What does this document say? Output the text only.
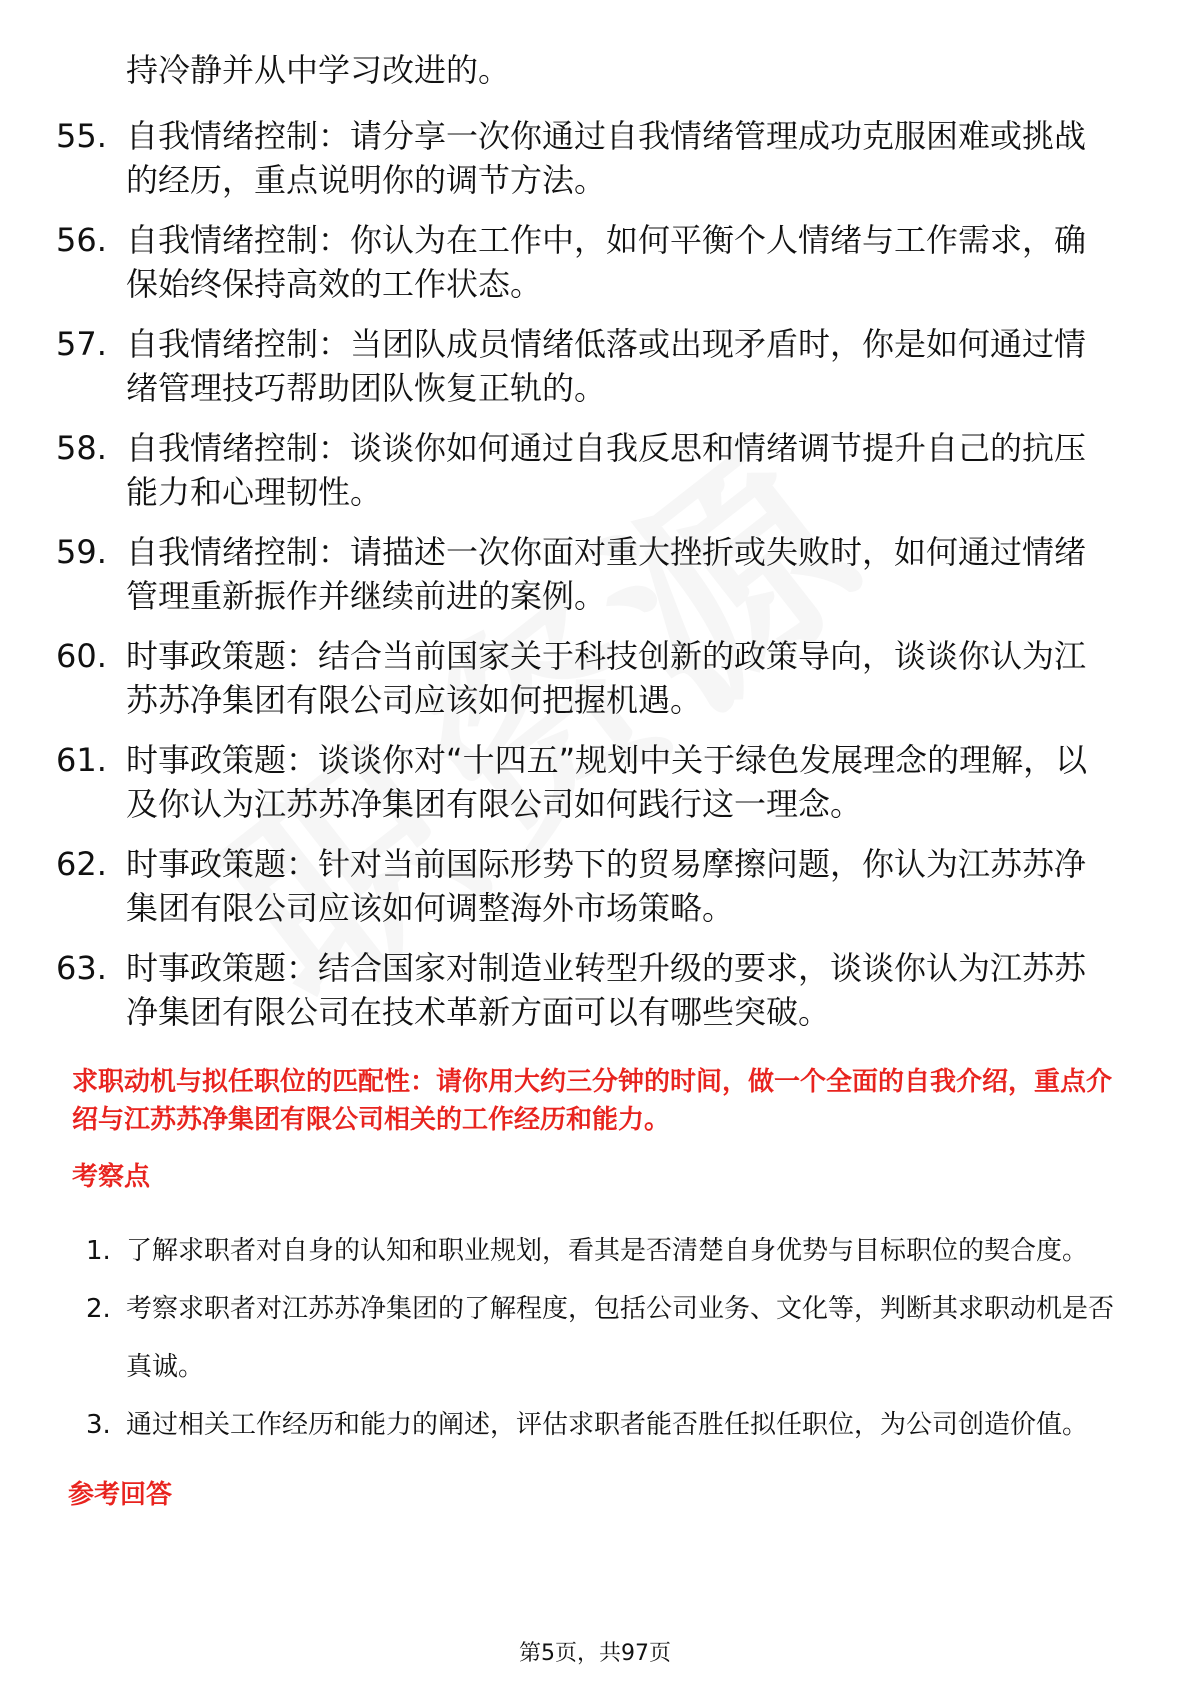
持冷静并从中学习改进的。
55. 自我情绪控制：请分享一次你通过自我情绪管理成功克服困难或挑战的经历，重点说明你的调节方法。
56. 自我情绪控制：你认为在工作中，如何平衡个人情绪与工作需求，确保始终保持高效的工作状态。
57. 自我情绪控制：当团队成员情绪低落或出现矛盾时，你是如何通过情绪管理技巧帮助团队恢复正轨的。
58. 自我情绪控制：谈谈你如何通过自我反思和情绪调节提升自己的抗压能力和心理韧性。
59. 自我情绪控制：请描述一次你面对重大挫折或失败时，如何通过情绪管理重新振作并继续前进的案例。
60. 时事政策题：结合当前国家关于科技创新的政策导向，谈谈你认为江苏苏净集团有限公司应该如何把握机遇。
61. 时事政策题：谈谈你对“十四五”规划中关于绿色发展理念的理解，以及你认为江苏苏净集团有限公司如何践行这一理念。
62. 时事政策题：针对当前国际形势下的贸易摩擦问题，你认为江苏苏净集团有限公司应该如何调整海外市场策略。
63. 时事政策题：结合国家对制造业转型升级的要求，谈谈你认为江苏苏净集团有限公司在技术革新方面可以有哪些突破。

求职动机与拟任职位的匹配性：请你用大约三分钟的时间，做一个全面的自我介绍，重点介绍与江苏苏净集团有限公司相关的工作经历和能力。

考察点

1. 了解求职者对自身的认知和职业规划，看其是否清楚自身优势与目标职位的契合度。
2. 考察求职者对江苏苏净集团的了解程度，包括公司业务、文化等，判断其求职动机是否真诚。
3. 通过相关工作经历和能力的阐述，评估求职者能否胜任拟任职位，为公司创造价值。
参考回答
第5页，共97页
